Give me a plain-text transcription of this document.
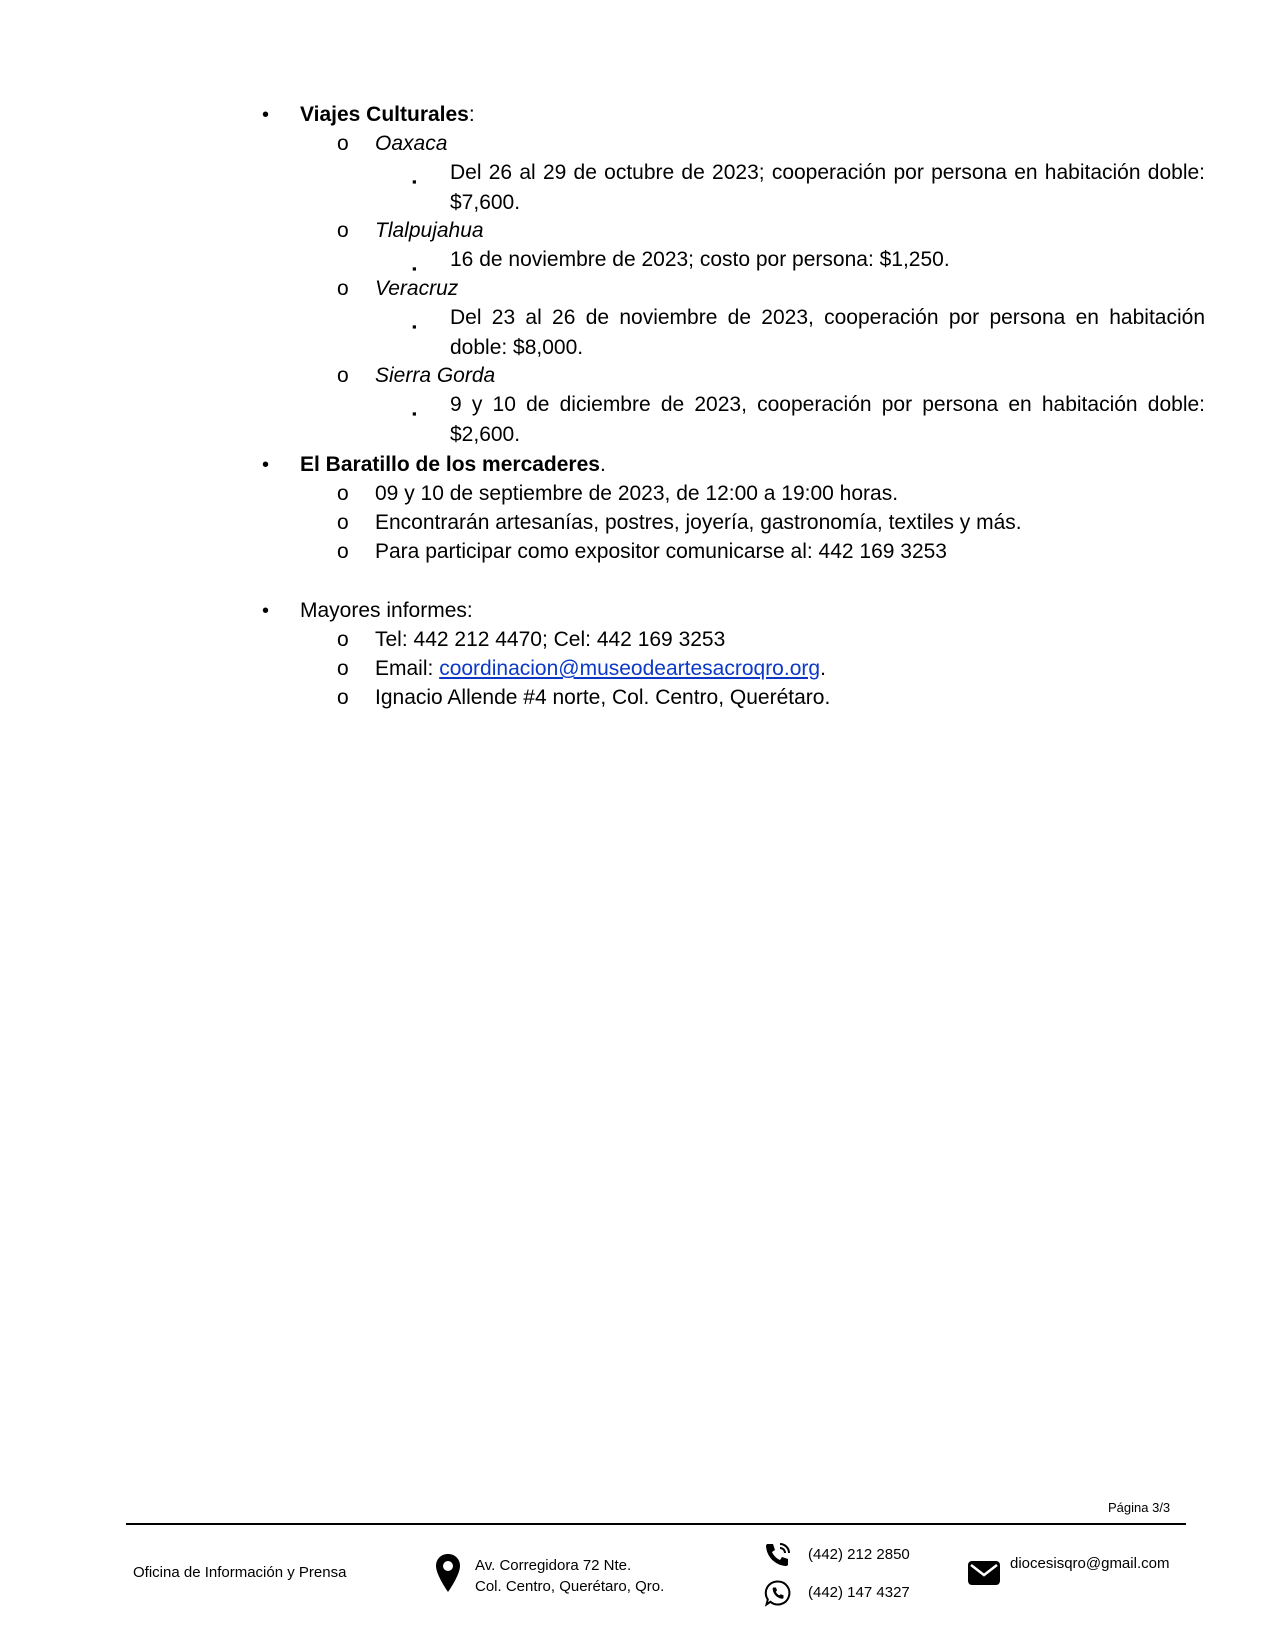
• Viajes Culturales:
o Oaxaca
▪ Del 26 al 29 de octubre de 2023; cooperación por persona en habitación doble: $7,600.
o Tlalpujahua
▪ 16 de noviembre de 2023; costo por persona: $1,250.
o Veracruz
▪ Del 23 al 26 de noviembre de 2023, cooperación por persona en habitación doble: $8,000.
o Sierra Gorda
▪ 9 y 10 de diciembre de 2023, cooperación por persona en habitación doble: $2,600.
• El Baratillo de los mercaderes.
o 09 y 10 de septiembre de 2023, de 12:00 a 19:00 horas.
o Encontrarán artesanías, postres, joyería, gastronomía, textiles y más.
o Para participar como expositor comunicarse al: 442 169 3253
• Mayores informes:
o Tel: 442 212 4470; Cel: 442 169 3253
o Email: coordinacion@museodeartesacroqro.org.
o Ignacio Allende #4 norte, Col. Centro, Querétaro.
Página 3/3
Oficina de Información y Prensa	Av. Corregidora 72 Nte.
Col. Centro, Querétaro, Qro.
(442) 212 2850
(442) 147 4327
diocesisqro@gmail.com
